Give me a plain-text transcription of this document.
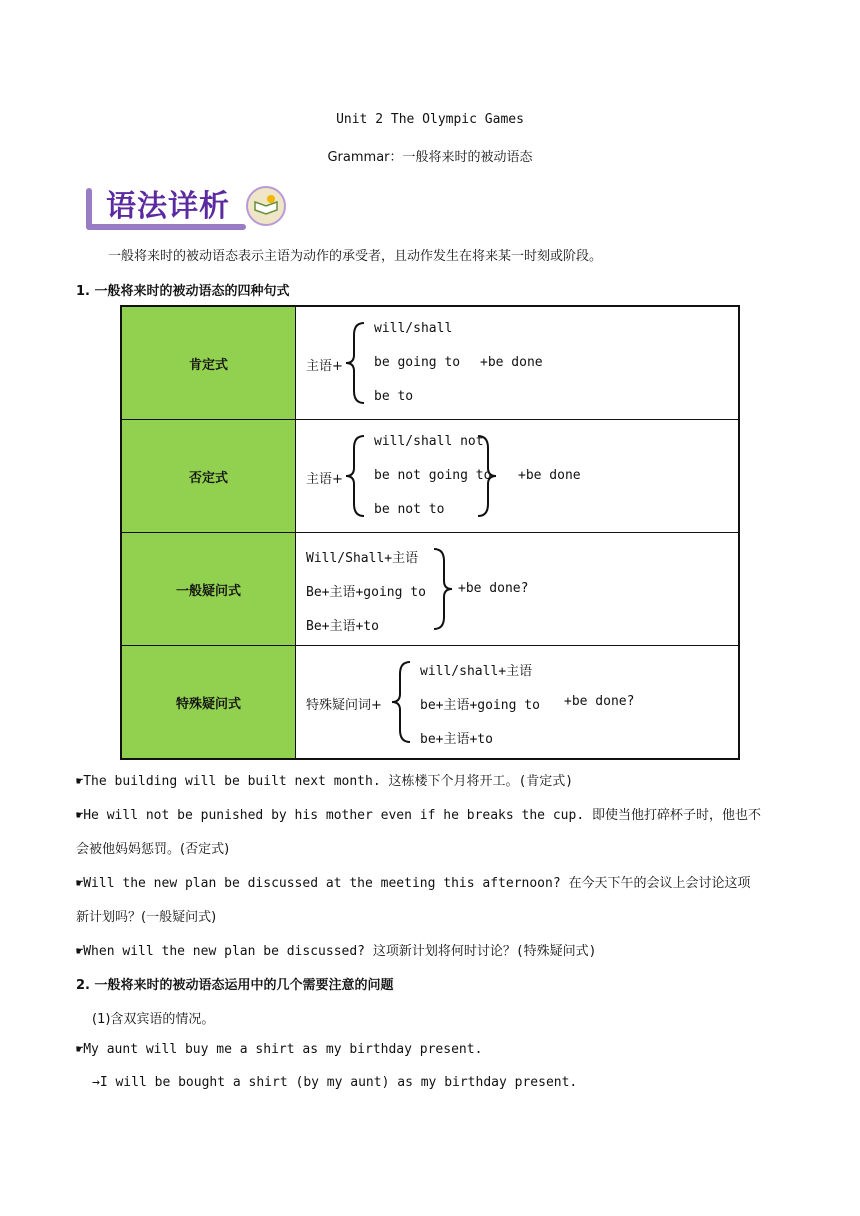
Unit 2 The Olympic Games
Grammar：一般将来时的被动语态
语法详析
一般将来时的被动语态表示主语为动作的承受者，且动作发生在将来某一时刻或阶段。
1. 一般将来时的被动语态的四种句式
肯定式	主语+
will/shall
be going to
be to
+be done

否定式	主语+
will/shall not
be not going to
be not to
+be done

一般疑问式	Will/Shall+主语
Be+主语+going to
Be+主语+to
+be done?

特殊疑问式	特殊疑问词+
will/shall+主语
be+主语+going to
be+主语+to
+be done?
☛The building will be built next month. 这栋楼下个月将开工。(肯定式)
☛He will not be punished by his mother even if he breaks the cup. 即使当他打碎杯子时，他也不
会被他妈妈惩罚。(否定式)
☛Will the new plan be discussed at the meeting this afternoon? 在今天下午的会议上会讨论这项
新计划吗？(一般疑问式)
☛When will the new plan be discussed? 这项新计划将何时讨论？(特殊疑问式)
2. 一般将来时的被动语态运用中的几个需要注意的问题
(1)含双宾语的情况。
☛My aunt will buy me a shirt as my birthday present.
→I will be bought a shirt (by my aunt) as my birthday present.
